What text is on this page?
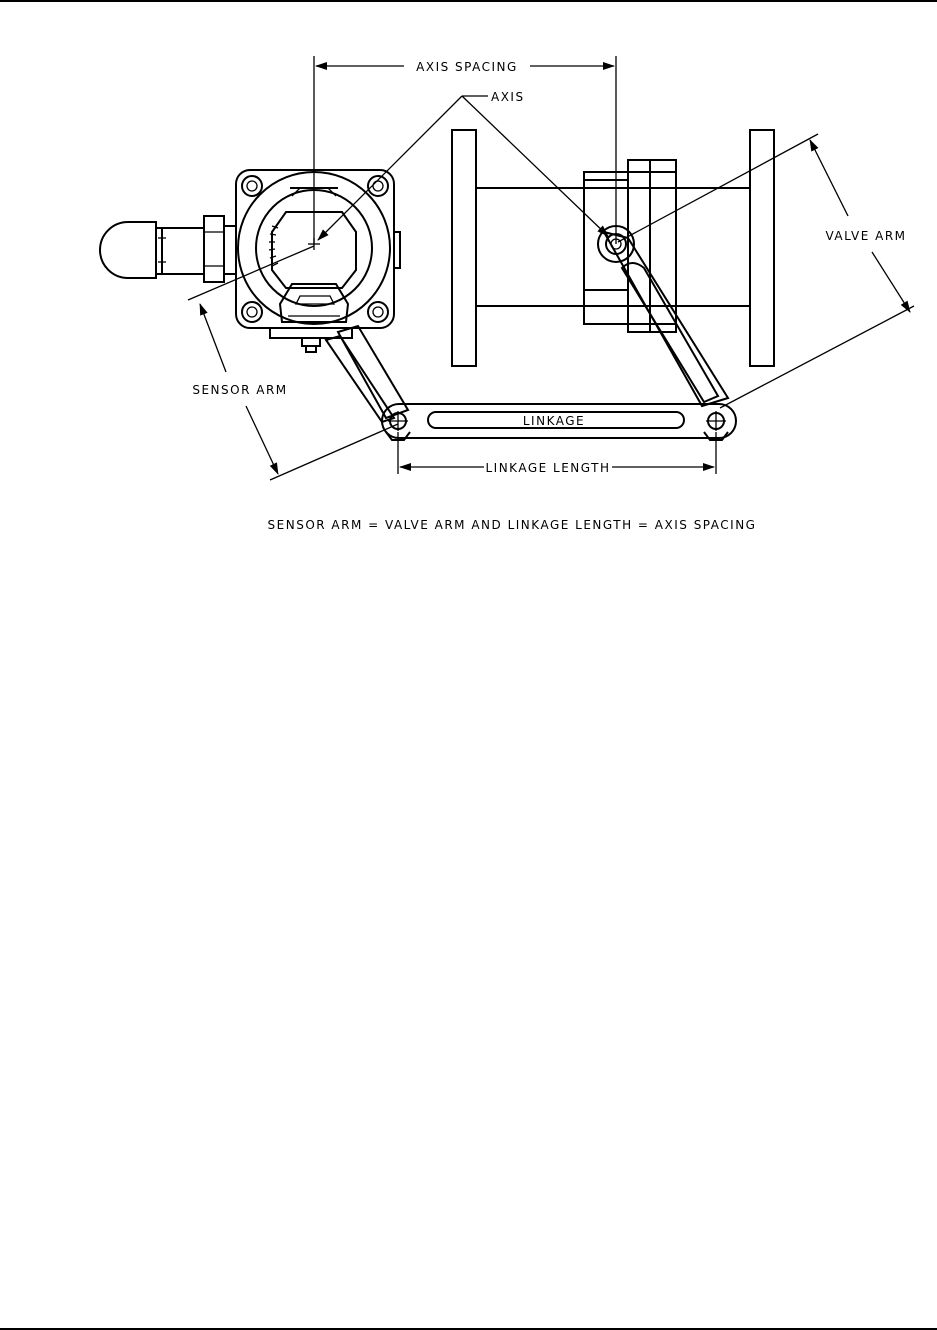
AXIS SPACING
AXIS
VALVE ARM
SENSOR ARM
LINKAGE
LINKAGE LENGTH
SENSOR ARM = VALVE ARM AND LINKAGE LENGTH = AXIS SPACING
